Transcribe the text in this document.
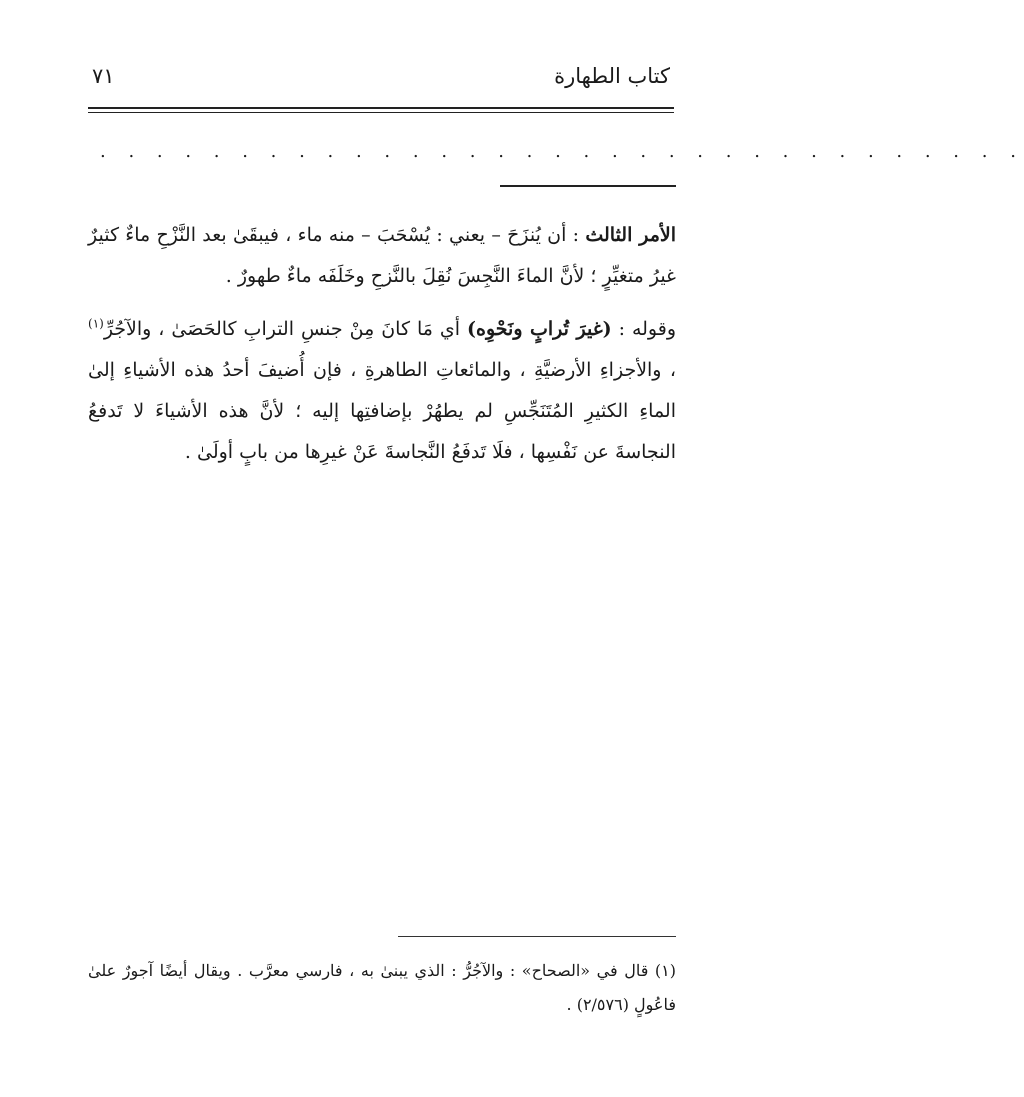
كتاب الطهارة
٧١
. . . . . . . . . . . . . . . . . . . . . . . . . . . . . . . . .

الأمر الثالث : أن يُنزَحَ – يعني : يُسْحَبَ – منه ماء ، فيبقَىٰ بعد النَّزْحِ ماءٌ كثيرٌ غيرُ متغيِّرٍ ؛ لأنَّ الماءَ النَّجِسَ نُقِلَ بالنَّزحِ وخَلَفَه ماءٌ طهورٌ .

وقوله : (غيرَ تُرابٍ ونَحْوِه) أي مَا كانَ مِنْ جنسِ الترابِ كالحَصَىٰ ، والآجُرِّ$^{(١)}$ ، والأجزاءِ الأرضيَّةِ ، والمائعاتِ الطاهرةِ ، فإن أُضيفَ أحدُ هذه الأشياءِ إلىٰ الماءِ الكثيرِ المُتَنَجِّسِ لم يطهُرْ بإضافتِها إليه ؛ لأنَّ هذه الأشياءَ لا تَدفعُ النجاسةَ عن نَفْسِها ، فلَا تَدفَعُ النَّجاسةَ عَنْ غيرِها من بابٍ أولَىٰ .

(١) قال في «الصحاح» : والآجُرُّ : الذي يبنىٰ به ، فارسي معرَّب . ويقال أيضًا آجورٌ علىٰ فاعُولٍ (٢/٥٧٦) .
